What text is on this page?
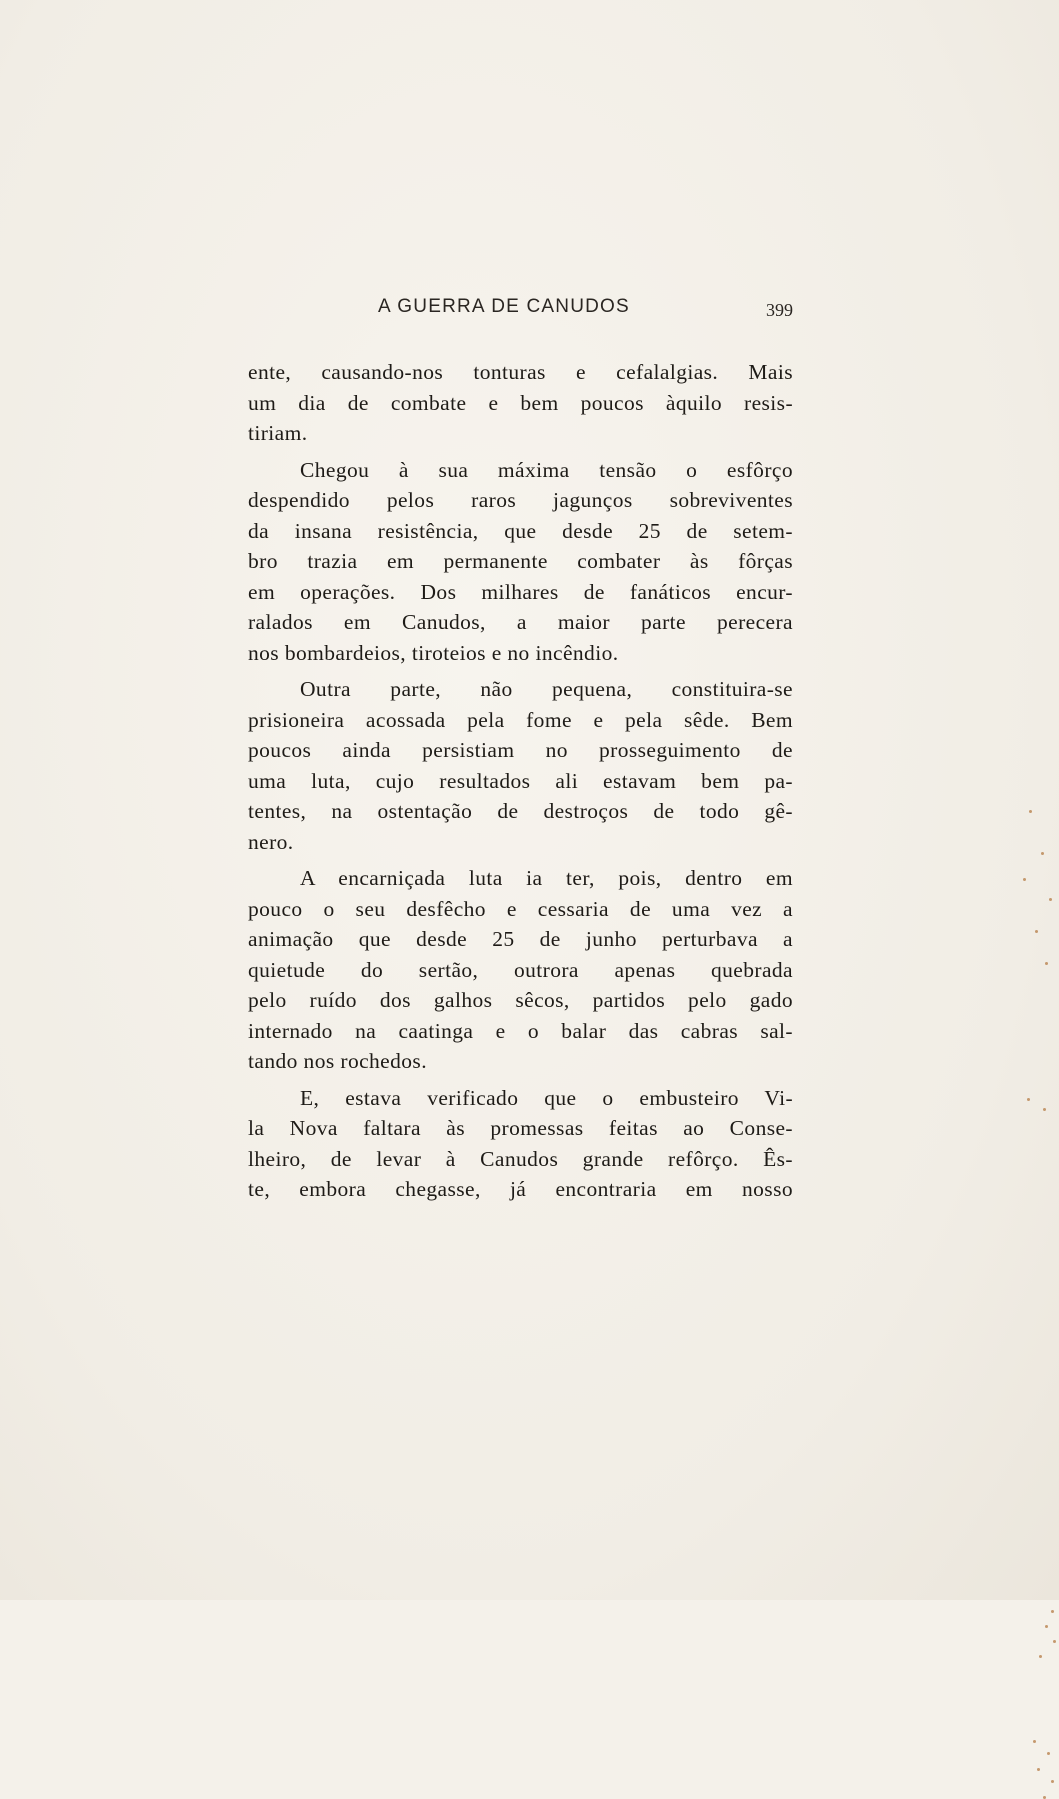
A GUERRA DE CANUDOS	399
ente, causando-nos tonturas e cefalalgias. Mais
um dia de combate e bem poucos àquilo resis-
tiriam.
Chegou à sua máxima tensão o esfôrço
despendido pelos raros jagunços sobreviventes
da insana resistência, que desde 25 de setem-
bro trazia em permanente combater às fôrças
em operações. Dos milhares de fanáticos encur-
ralados em Canudos, a maior parte perecera
nos bombardeios, tiroteios e no incêndio.
Outra parte, não pequena, constituira-se
prisioneira acossada pela fome e pela sêde. Bem
poucos ainda persistiam no prosseguimento de
uma luta, cujo resultados ali estavam bem pa-
tentes, na ostentação de destroços de todo gê-
nero.
A encarniçada luta ia ter, pois, dentro em
pouco o seu desfêcho e cessaria de uma vez a
animação que desde 25 de junho perturbava a
quietude do sertão, outrora apenas quebrada
pelo ruído dos galhos sêcos, partidos pelo gado
internado na caatinga e o balar das cabras sal-
tando nos rochedos.
E, estava verificado que o embusteiro Vi-
la Nova faltara às promessas feitas ao Conse-
lheiro, de levar à Canudos grande refôrço. Ês-
te, embora chegasse, já encontraria em nosso
